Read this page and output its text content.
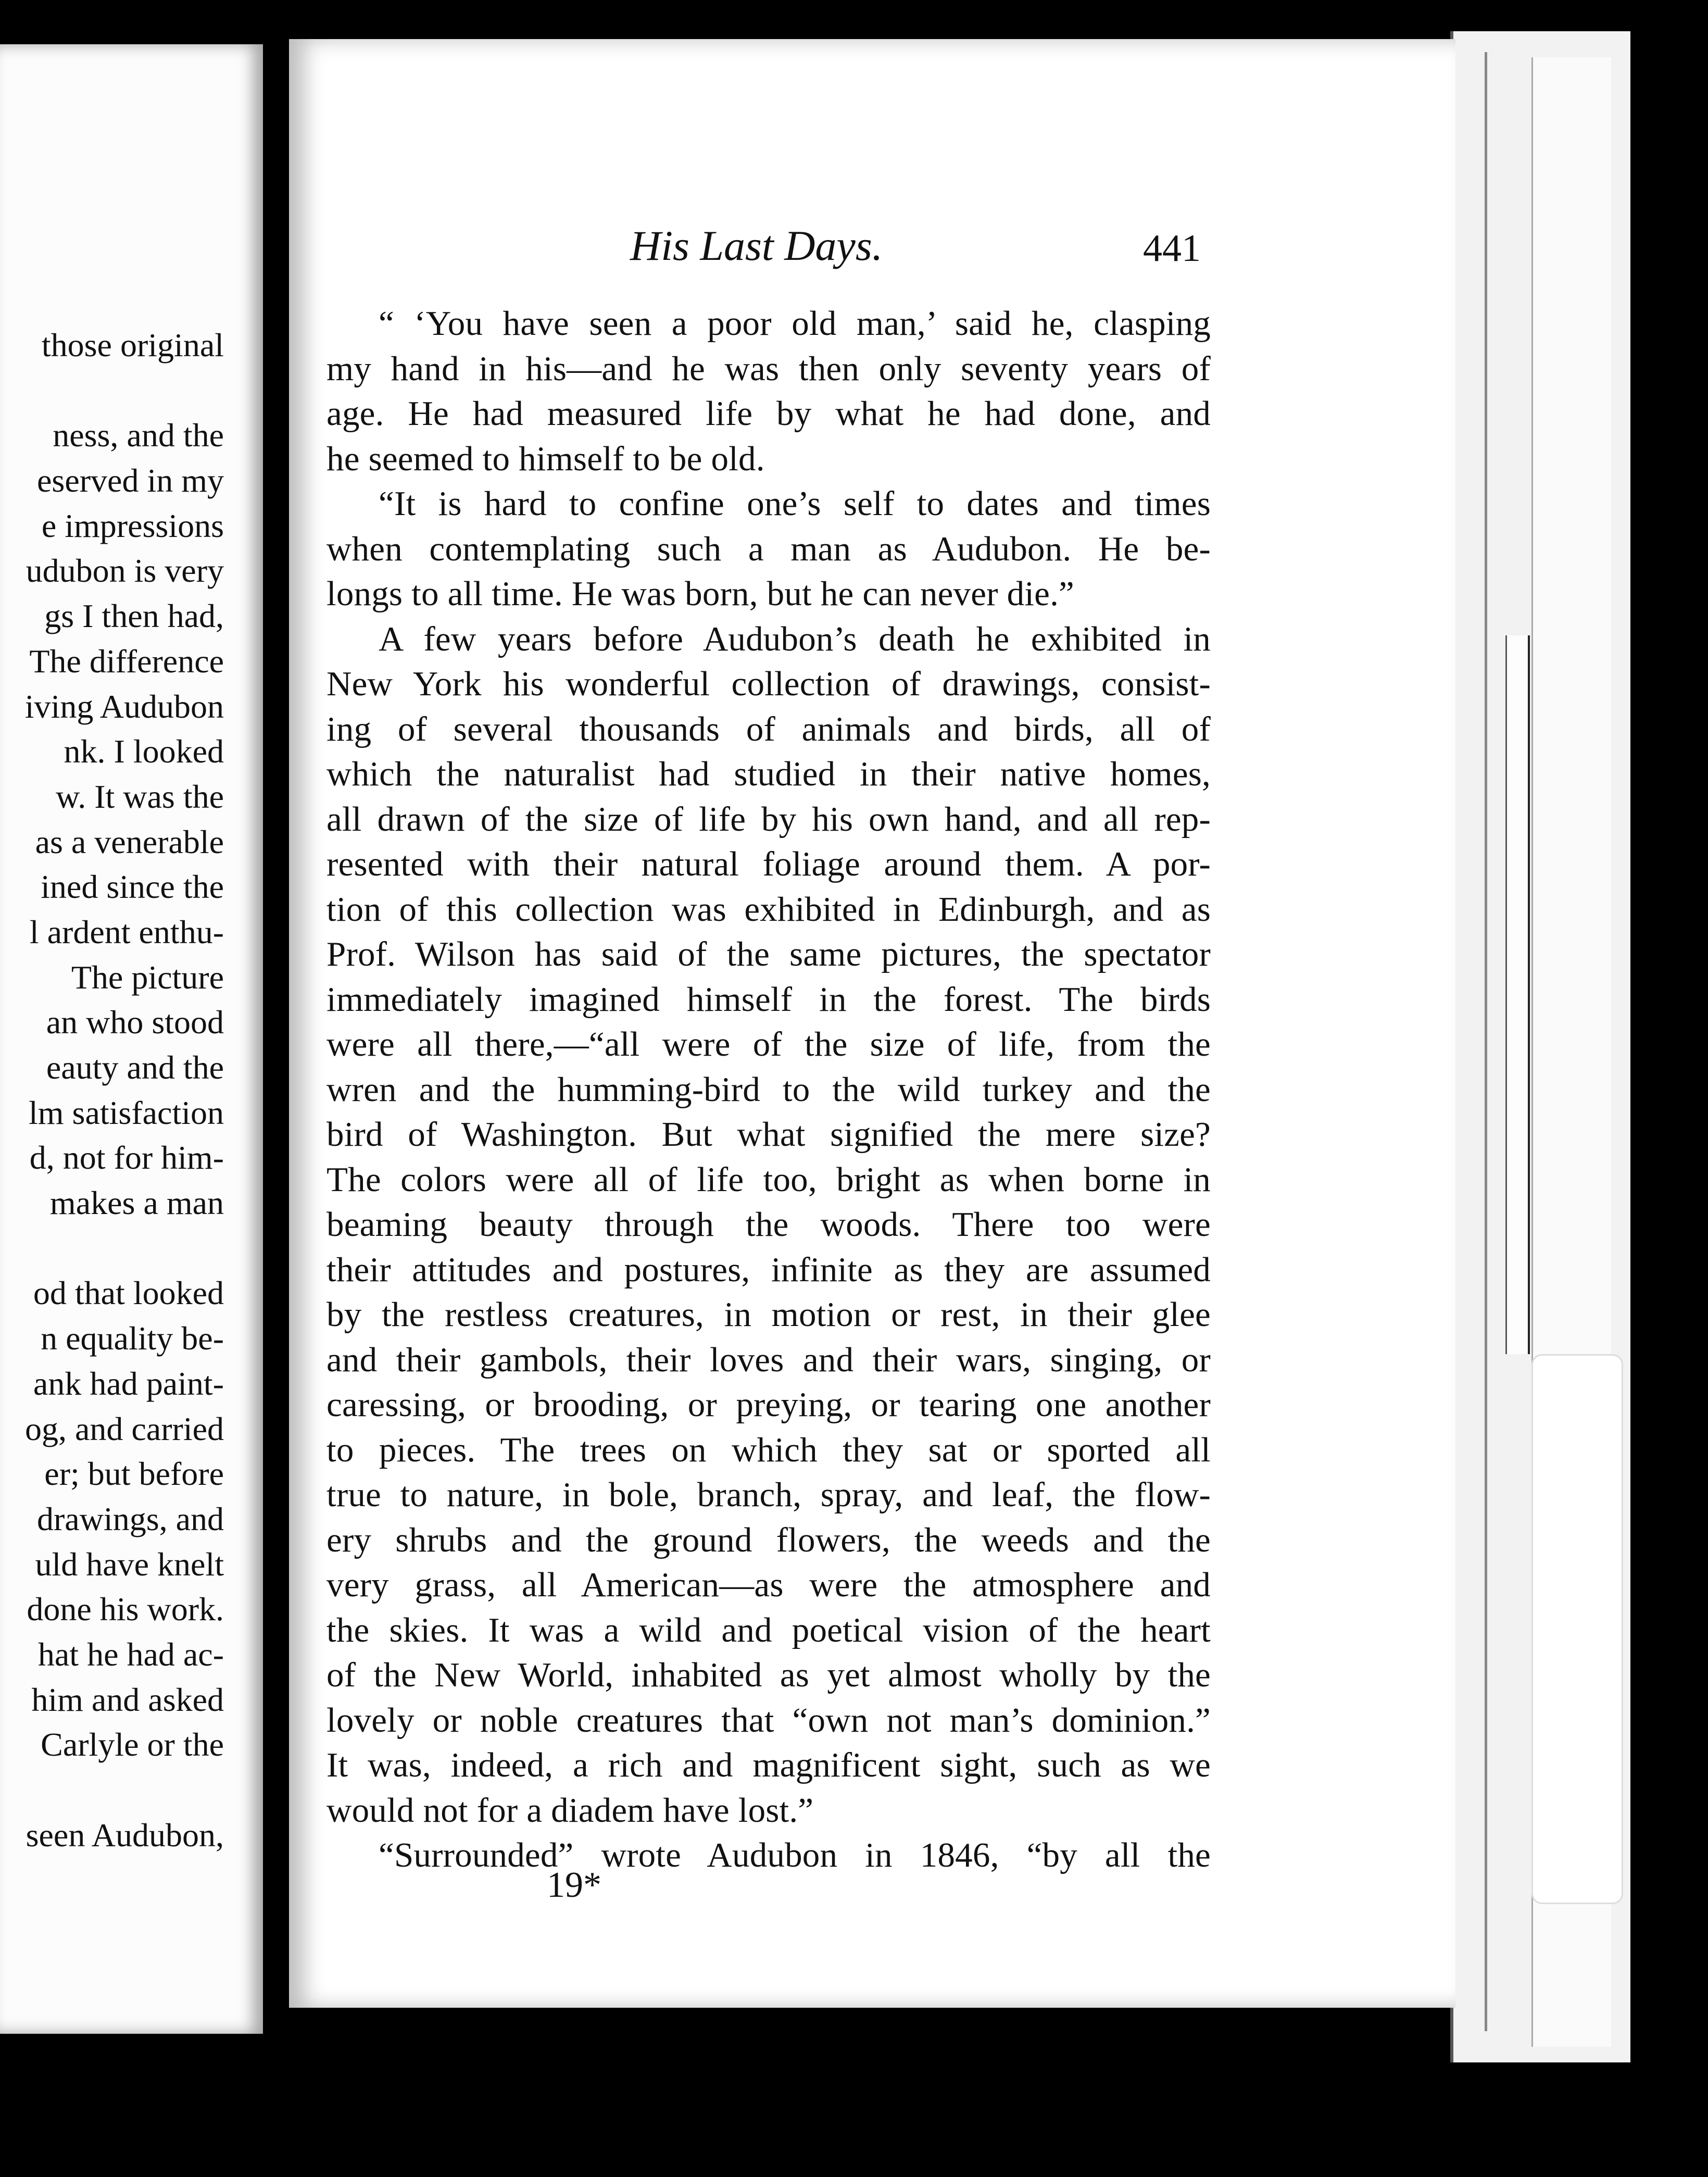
those original
ness, and the
eserved in my
e impressions
udubon is very
gs I then had,
The difference
iving Audubon
nk. I looked
w. It was the
as a venerable
ined since the
l ardent enthu-
The picture
an who stood
eauty and the
lm satisfaction
d, not for him-
makes a man
od that looked
n equality be-
ank had paint-
og, and carried
er; but before
drawings, and
uld have knelt
done his work.
hat he had ac-
him and asked
Carlyle or the
seen Audubon,
His Last Days.	441
“ ‘You have seen a poor old man,’ said he, clasping
my hand in his—and he was then only seventy years of
age. He had measured life by what he had done, and
he seemed to himself to be old.
“It is hard to confine one’s self to dates and times
when contemplating such a man as Audubon. He be-
longs to all time. He was born, but he can never die.”
A few years before Audubon’s death he exhibited in
New York his wonderful collection of drawings, consist-
ing of several thousands of animals and birds, all of
which the naturalist had studied in their native homes,
all drawn of the size of life by his own hand, and all rep-
resented with their natural foliage around them. A por-
tion of this collection was exhibited in Edinburgh, and as
Prof. Wilson has said of the same pictures, the spectator
immediately imagined himself in the forest. The birds
were all there,—“all were of the size of life, from the
wren and the humming-bird to the wild turkey and the
bird of Washington. But what signified the mere size?
The colors were all of life too, bright as when borne in
beaming beauty through the woods. There too were
their attitudes and postures, infinite as they are assumed
by the restless creatures, in motion or rest, in their glee
and their gambols, their loves and their wars, singing, or
caressing, or brooding, or preying, or tearing one another
to pieces. The trees on which they sat or sported all
true to nature, in bole, branch, spray, and leaf, the flow-
ery shrubs and the ground flowers, the weeds and the
very grass, all American—as were the atmosphere and
the skies. It was a wild and poetical vision of the heart
of the New World, inhabited as yet almost wholly by the
lovely or noble creatures that “own not man’s dominion.”
It was, indeed, a rich and magnificent sight, such as we
would not for a diadem have lost.”
“Surrounded” wrote Audubon in 1846, “by all the
19*
